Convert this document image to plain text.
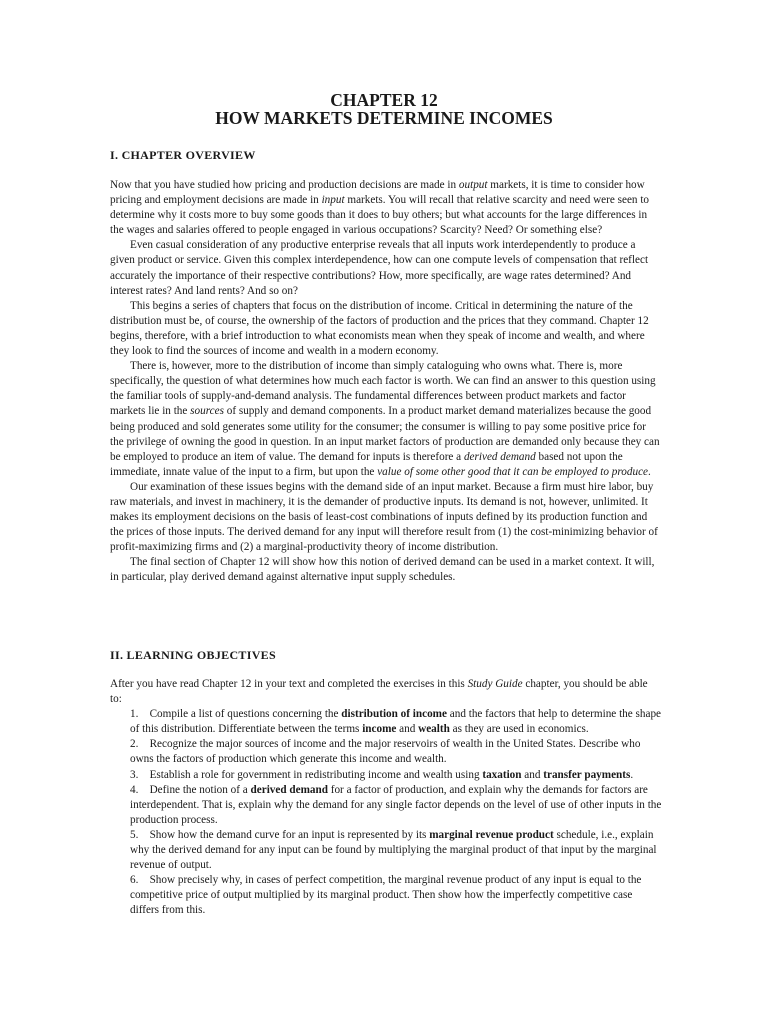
CHAPTER 12
HOW MARKETS DETERMINE INCOMES
I. CHAPTER OVERVIEW

Now that you have studied how pricing and production decisions are made in output markets, it is time to consider how pricing and employment decisions are made in input markets. You will recall that relative scarcity and need were seen to determine why it costs more to buy some goods than it does to buy others; but what accounts for the large differences in the wages and salaries offered to people engaged in various occupations? Scarcity? Need? Or something else?

Even casual consideration of any productive enterprise reveals that all inputs work interdependently to produce a given product or service. Given this complex interdependence, how can one compute levels of compensation that reflect accurately the importance of their respective contributions? How, more specifically, are wage rates determined? And interest rates? And land rents? And so on?

This begins a series of chapters that focus on the distribution of income. Critical in determining the nature of the distribution must be, of course, the ownership of the factors of production and the prices that they command. Chapter 12 begins, therefore, with a brief introduction to what economists mean when they speak of income and wealth, and where they look to find the sources of income and wealth in a modern economy.

There is, however, more to the distribution of income than simply cataloguing who owns what. There is, more specifically, the question of what determines how much each factor is worth. We can find an answer to this question using the familiar tools of supply-and-demand analysis. The fundamental differences between product markets and factor markets lie in the sources of supply and demand components. In a product market demand materializes because the good being produced and sold generates some utility for the consumer; the consumer is willing to pay some positive price for the privilege of owning the good in question. In an input market factors of production are demanded only because they can be employed to produce an item of value. The demand for inputs is therefore a derived demand based not upon the immediate, innate value of the input to a firm, but upon the value of some other good that it can be employed to produce.

Our examination of these issues begins with the demand side of an input market. Because a firm must hire labor, buy raw materials, and invest in machinery, it is the demander of productive inputs. Its demand is not, however, unlimited. It makes its employment decisions on the basis of least-cost combinations of inputs defined by its production function and the prices of those inputs. The derived demand for any input will therefore result from (1) the cost-minimizing behavior of profit-maximizing firms and (2) a marginal-productivity theory of income distribution.

The final section of Chapter 12 will show how this notion of derived demand can be used in a market context. It will, in particular, play derived demand against alternative input supply schedules.

II. LEARNING OBJECTIVES

After you have read Chapter 12 in your text and completed the exercises in this Study Guide chapter, you should be able to:

1. Compile a list of questions concerning the distribution of income and the factors that help to determine the shape of this distribution. Differentiate between the terms income and wealth as they are used in economics.

2. Recognize the major sources of income and the major reservoirs of wealth in the United States. Describe who owns the factors of production which generate this income and wealth.

3. Establish a role for government in redistributing income and wealth using taxation and transfer payments.

4. Define the notion of a derived demand for a factor of production, and explain why the demands for factors are interdependent. That is, explain why the demand for any single factor depends on the level of use of other inputs in the production process.

5. Show how the demand curve for an input is represented by its marginal revenue product schedule, i.e., explain why the derived demand for any input can be found by multiplying the marginal product of that input by the marginal revenue of output.

6. Show precisely why, in cases of perfect competition, the marginal revenue product of any input is equal to the competitive price of output multiplied by its marginal product. Then show how the imperfectly competitive case differs from this.
